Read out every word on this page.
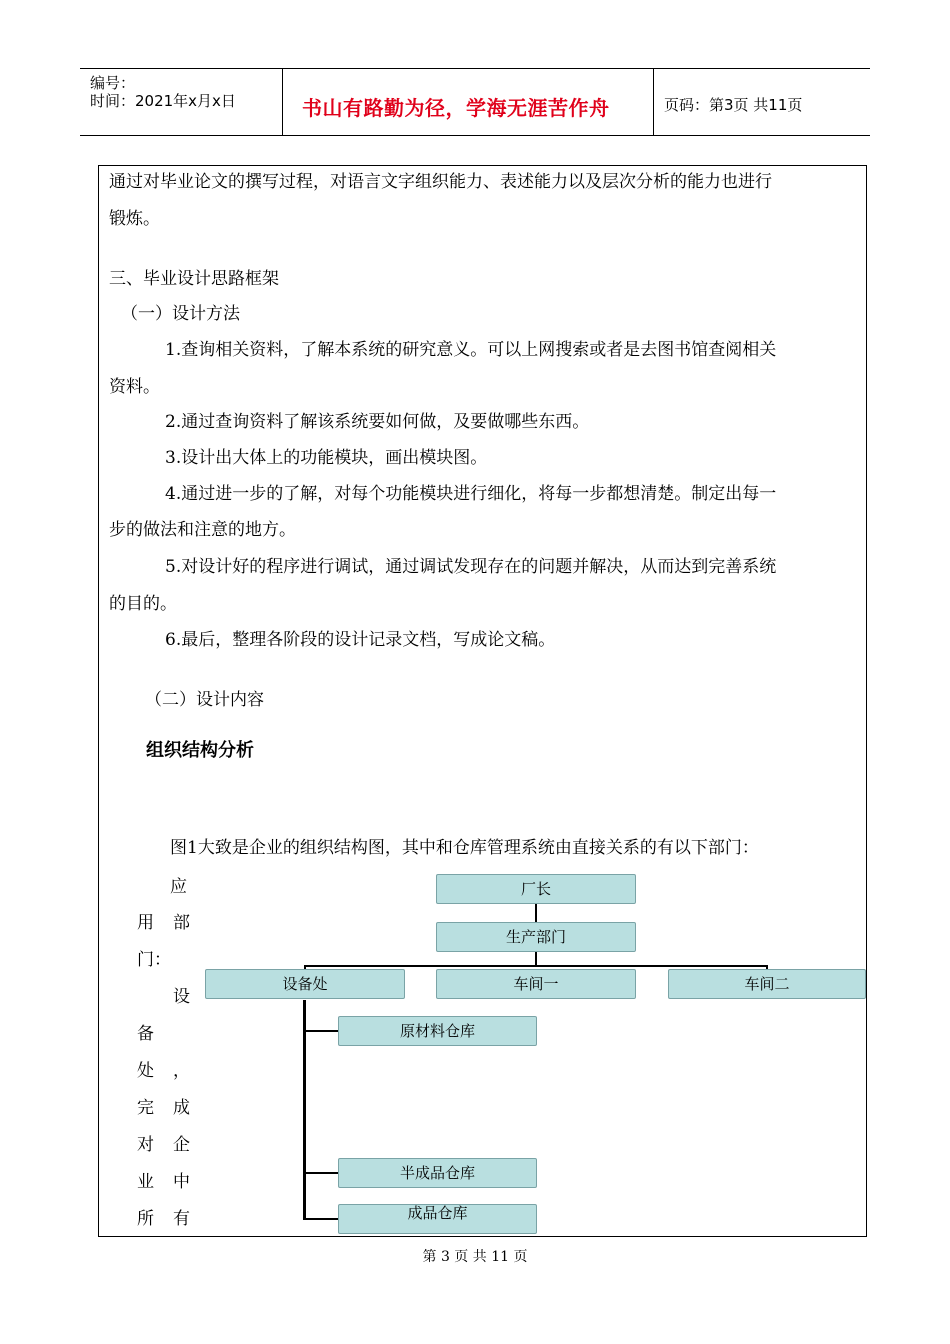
编号：
时间：2021年x月x日	书山有路勤为径，学海无涯苦作舟	页码：第3页 共11页
通过对毕业论文的撰写过程，对语言文字组织能力、表述能力以及层次分析的能力也进行
锻炼。
三、毕业设计思路框架
（一）设计方法
1.查询相关资料，了解本系统的研究意义。可以上网搜索或者是去图书馆查阅相关
资料。
2.通过查询资料了解该系统要如何做，及要做哪些东西。
3.设计出大体上的功能模块，画出模块图。
4.通过进一步的了解，对每个功能模块进行细化，将每一步都想清楚。制定出每一
步的做法和注意的地方。
5.对设计好的程序进行调试，通过调试发现存在的问题并解决，从而达到完善系统
的目的。
6.最后，整理各阶段的设计记录文档，写成论文稿。
（二）设计内容
组织结构分析
图1大致是企业的组织结构图，其中和仓库管理系统由直接关系的有以下部门：
应
用 部
门：
设
备
处 ，
完 成
对 企
业 中
所 有
厂长
生产部门
设备处	车间一	车间二
原材料仓库
半成品仓库
成品仓库
第 3 页 共 11 页
